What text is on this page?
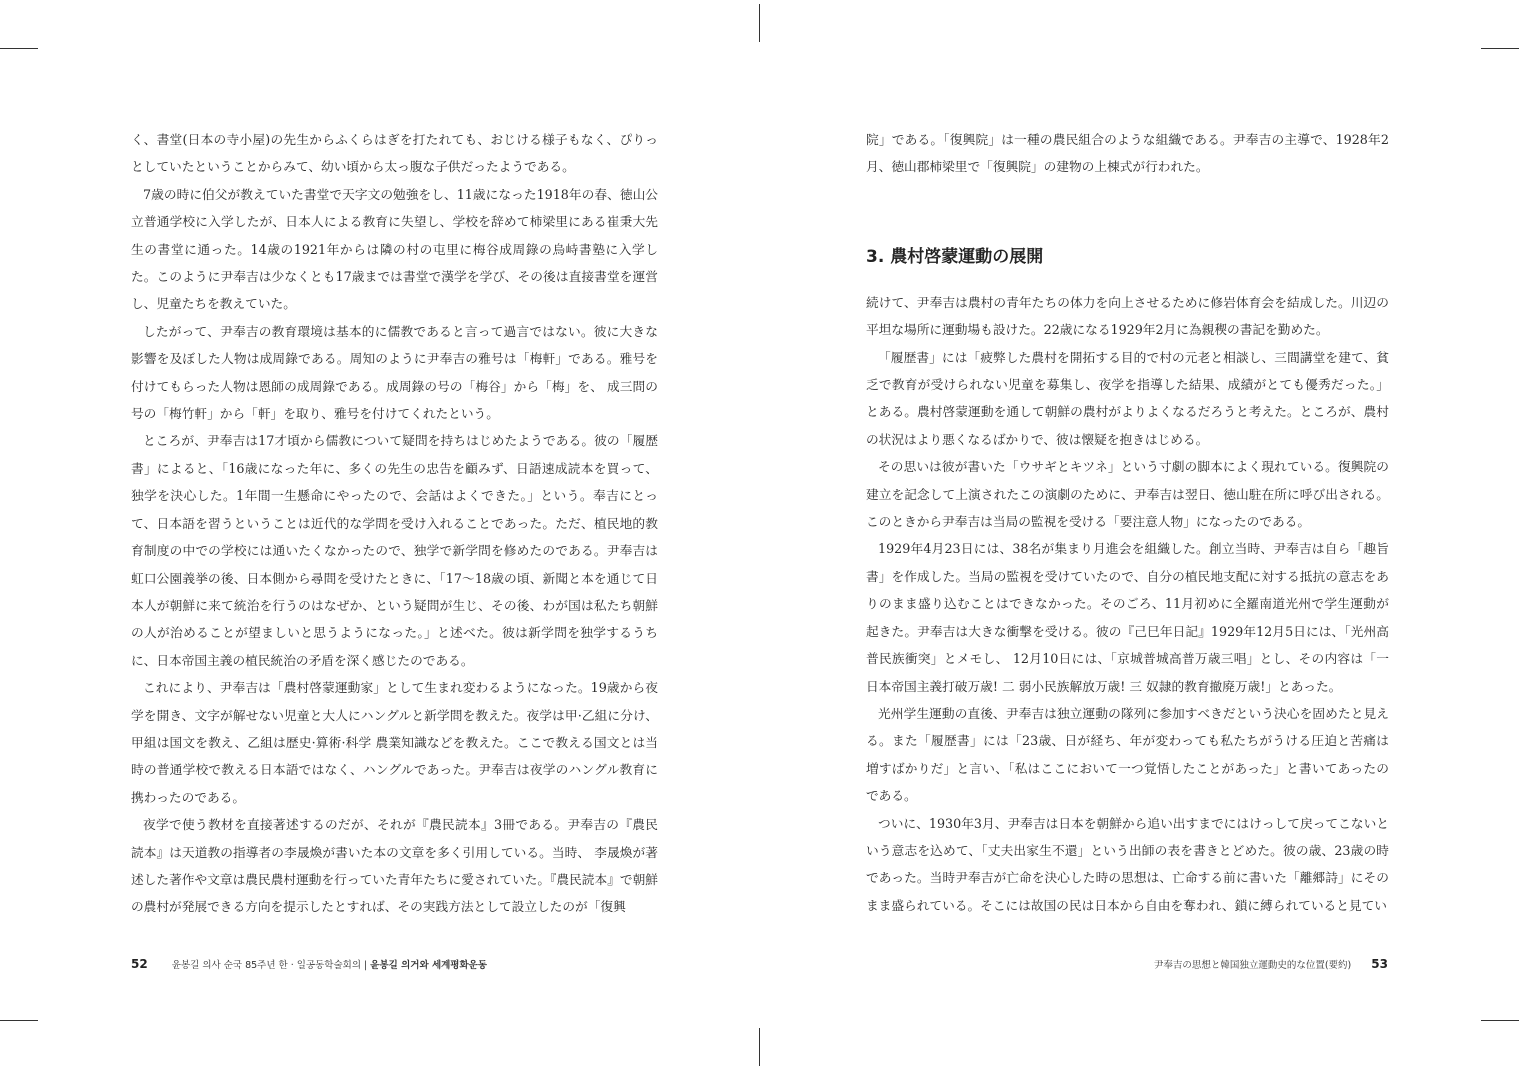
く、書堂(日本の寺小屋)の先生からふくらはぎを打たれても、おじける様子もなく、ぴりっとしていたということからみて、幼い頃から太っ腹な子供だったようである。

7歳の時に伯父が教えていた書堂で天字文の勉強をし、11歳になった1918年の春、徳山公立普通学校に入学したが、日本人による教育に失望し、学校を辞めて柿梁里にある崔秉大先生の書堂に通った。14歳の1921年からは隣の村の屯里に梅谷成周錄の烏峙書塾に入学した。このように尹奉吉は少なくとも17歳までは書堂で漢学を学び、その後は直接書堂を運営し、児童たちを教えていた。

したがって、尹奉吉の教育環境は基本的に儒教であると言って過言ではない。彼に大きな影響を及ぼした人物は成周錄である。周知のように尹奉吉の雅号は「梅軒」である。雅号を付けてもらった人物は恩師の成周錄である。成周錄の号の「梅谷」から「梅」を、 成三問の号の「梅竹軒」から「軒」を取り、雅号を付けてくれたという。

ところが、尹奉吉は17才頃から儒教について疑問を持ちはじめたようである。彼の「履歴書」によると、「16歳になった年に、多くの先生の忠告を顧みず、日語速成読本を買って、独学を決心した。1年間一生懸命にやったので、会話はよくできた。」という。奉吉にとって、日本語を習うということは近代的な学問を受け入れることであった。ただ、植民地的教育制度の中での学校には通いたくなかったので、独学で新学問を修めたのである。尹奉吉は虹口公園義挙の後、日本側から尋問を受けたときに、「17～18歳の頃、新聞と本を通じて日本人が朝鮮に来て統治を行うのはなぜか、という疑問が生じ、その後、わが国は私たち朝鮮の人が治めることが望ましいと思うようになった。」と述べた。彼は新学問を独学するうちに、日本帝国主義の植民統治の矛盾を深く感じたのである。

これにより、尹奉吉は「農村啓蒙運動家」として生まれ変わるようになった。19歳から夜学を開き、文字が解せない児童と大人にハングルと新学問を教えた。夜学は甲·乙組に分け、甲組は国文を教え、乙組は歴史·算術·科学 農業知識などを教えた。ここで教える国文とは当時の普通学校で教える日本語ではなく、ハングルであった。尹奉吉は夜学のハングル教育に携わったのである。

夜学で使う教材を直接著述するのだが、それが『農民読本』3冊である。尹奉吉の『農民読本』は天道教の指導者の李晟煥が書いた本の文章を多く引用している。当時、 李晟煥が著述した著作や文章は農民農村運動を行っていた青年たちに愛されていた。『農民読本』で朝鮮の農村が発展できる方向を提示したとすれば、その実践方法として設立したのが「復興

52	윤봉길 의사 순국 85주년 한 · 일공동학술회의 | 윤봉길 의거와 세계평화운동

院」である。「復興院」は一種の農民組合のような組織である。尹奉吉の主導で、1928年2月、徳山郡柿梁里で「復興院」の建物の上棟式が行われた。

3. 農村啓蒙運動の展開

続けて、尹奉吉は農村の青年たちの体力を向上させるために修岩体育会を結成した。川辺の平坦な場所に運動場も設けた。22歳になる1929年2月に為親稧の書記を勤めた。

「履歴書」には「疲弊した農村を開拓する目的で村の元老と相談し、三間講堂を建て、貧乏で教育が受けられない児童を募集し、夜学を指導した結果、成績がとても優秀だった。」とある。農村啓蒙運動を通して朝鮮の農村がよりよくなるだろうと考えた。ところが、農村の状況はより悪くなるばかりで、彼は懐疑を抱きはじめる。

その思いは彼が書いた「ウサギとキツネ」という寸劇の脚本によく現れている。復興院の建立を記念して上演されたこの演劇のために、尹奉吉は翌日、徳山駐在所に呼び出される。このときから尹奉吉は当局の監視を受ける「要注意人物」になったのである。

1929年4月23日には、38名が集まり月進会を組織した。創立当時、尹奉吉は自ら「趣旨書」を作成した。当局の監視を受けていたので、自分の植民地支配に対する抵抗の意志をありのまま盛り込むことはできなかった。そのごろ、11月初めに全羅南道光州で学生運動が起きた。尹奉吉は大きな衝撃を受ける。彼の『己巳年日記』1929年12月5日には、「光州高普民族衝突」とメモし、 12月10日には、「京城普城高普万歳三唱」とし、その内容は「一 日本帝国主義打破万歳! 二 弱小民族解放万歳! 三 奴隷的教育撤廃万歳!」とあった。

光州学生運動の直後、尹奉吉は独立運動の隊列に参加すべきだという決心を固めたと見える。また「履歴書」には「23歳、日が経ち、年が変わっても私たちがうける圧迫と苦痛は増すばかりだ」と言い、「私はここにおいて一つ覚悟したことがあった」と書いてあったのである。

ついに、1930年3月、尹奉吉は日本を朝鮮から追い出すまでにはけっして戻ってこないという意志を込めて、「丈夫出家生不還」という出師の表を書きとどめた。彼の歳、23歳の時であった。当時尹奉吉が亡命を決心した時の思想は、亡命する前に書いた「離郷詩」にそのまま盛られている。そこには故国の民は日本から自由を奪われ、鎖に縛られていると見てい

尹奉吉の思想と韓国独立運動史的な位置(要約) 53
